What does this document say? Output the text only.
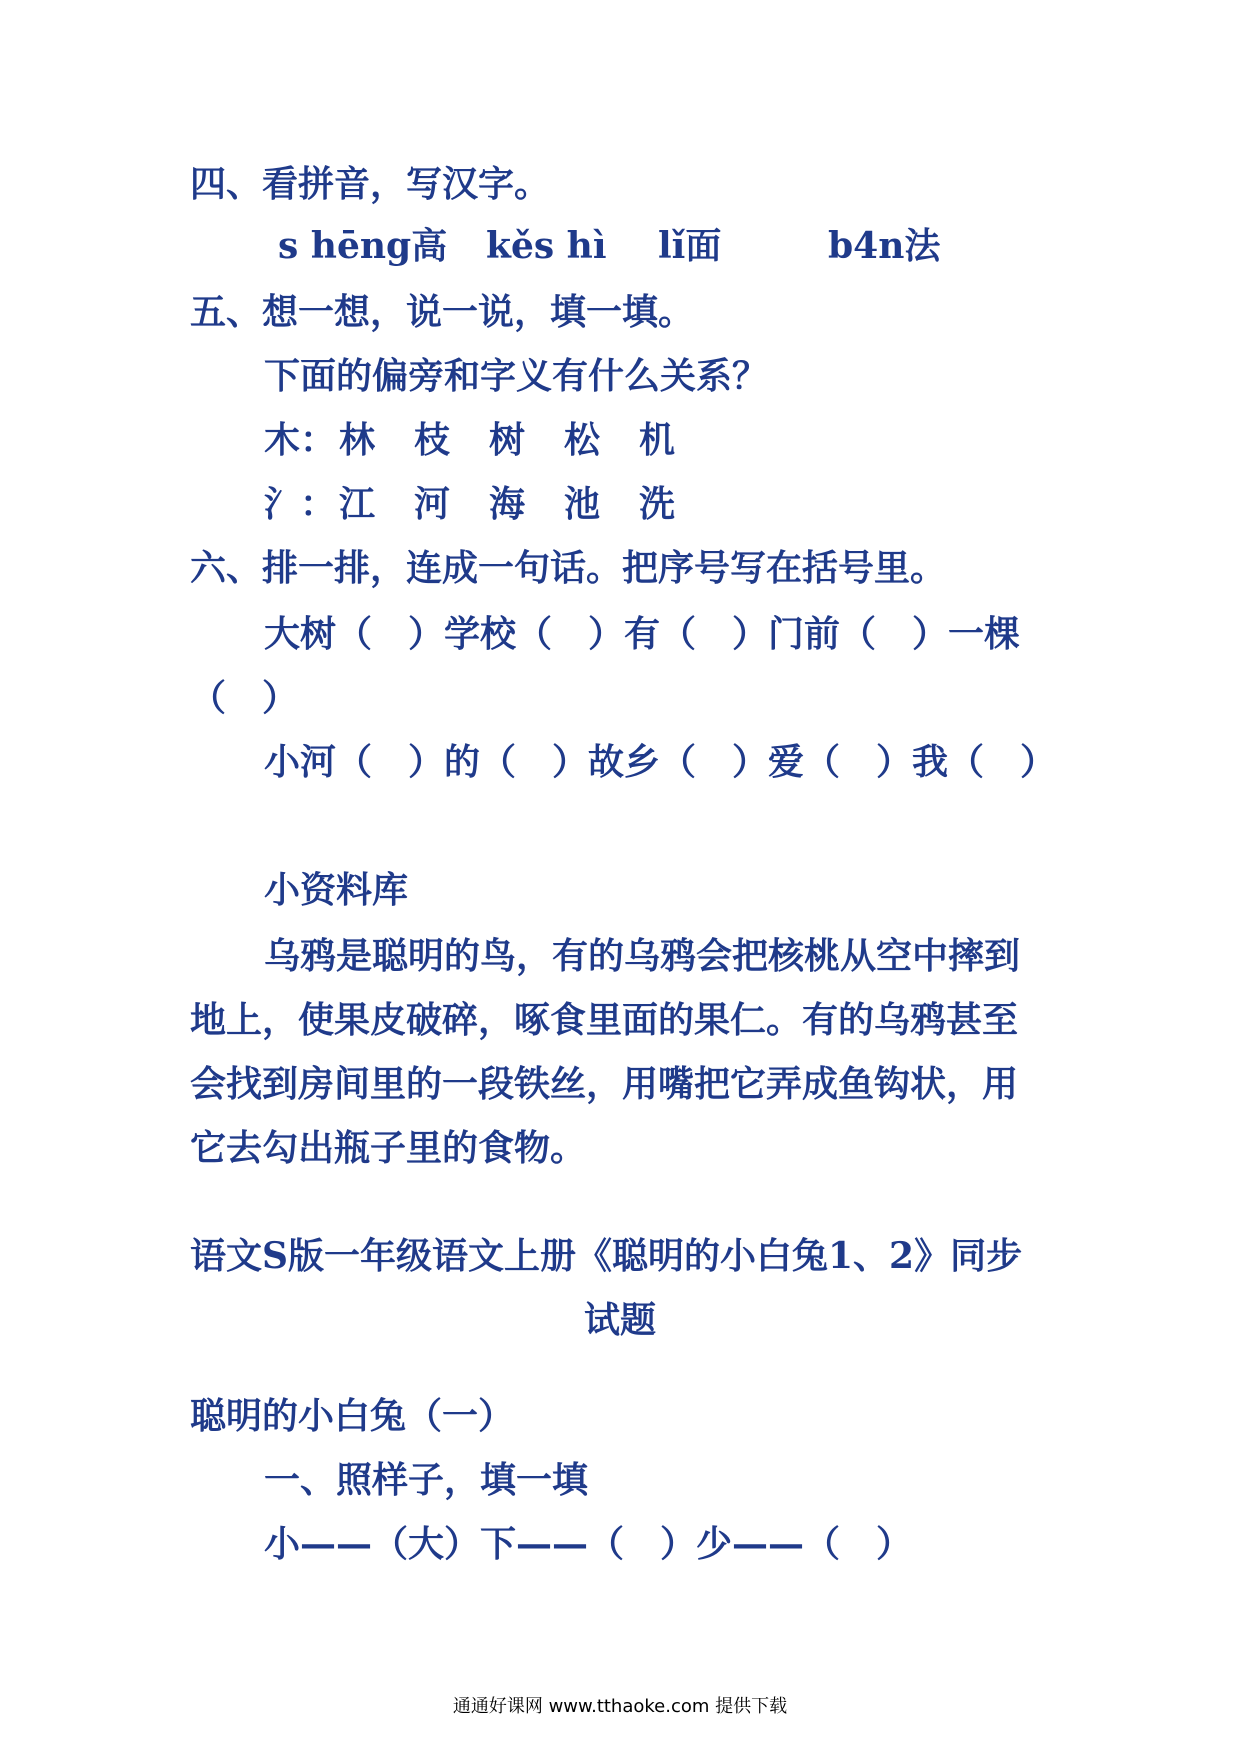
四、看拼音，写汉字。
s hēng高	kěs hì	lǐ面	b4n法
五、想一想，说一说，填一填。
下面的偏旁和字义有什么关系？
木： 林	枝	树	松	机
氵： 江	河	海	池	洗
六、排一排，连成一句话。把序号写在括号里。
大树（　）学校（　）有（　）门前（　）一棵
（　）
小河（　）的（　）故乡（　）爱（　）我（　）
小资料库
乌鸦是聪明的鸟，有的乌鸦会把核桃从空中摔到
地上，使果皮破碎，啄食里面的果仁。有的乌鸦甚至
会找到房间里的一段铁丝，用嘴把它弄成鱼钩状，用
它去勾出瓶子里的食物。
语文S版一年级语文上册《聪明的小白兔1、2》同步
试题
聪明的小白兔（一）
一、照样子，填一填
小——（大）下——（　）少——（　）
通通好课网 www.tthaoke.com 提供下载
